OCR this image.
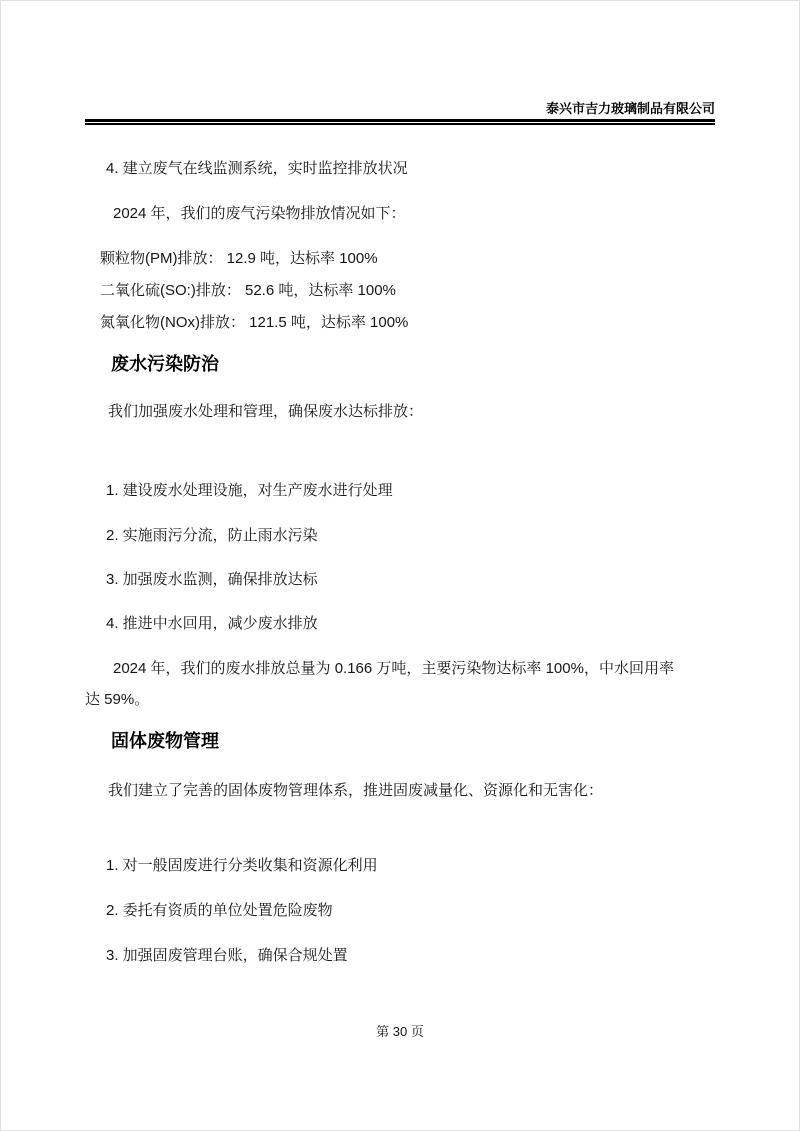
泰兴市吉力玻璃制品有限公司
4. 建立废气在线监测系统，实时监控排放状况
2024 年，我们的废气污染物排放情况如下：
颗粒物(PM)排放： 12.9 吨，达标率 100%
二氧化硫(SO:)排放： 52.6 吨，达标率 100%
氮氧化物(NOx)排放： 121.5 吨，达标率 100%
废水污染防治
我们加强废水处理和管理，确保废水达标排放：
1. 建设废水处理设施，对生产废水进行处理
2. 实施雨污分流，防止雨水污染
3. 加强废水监测，确保排放达标
4. 推进中水回用，减少废水排放
2024 年，我们的废水排放总量为 0.166 万吨，主要污染物达标率 100%，中水回用率
达 59%。
固体废物管理
我们建立了完善的固体废物管理体系，推进固废减量化、资源化和无害化：
1. 对一般固废进行分类收集和资源化利用
2. 委托有资质的单位处置危险废物
3. 加强固废管理台账，确保合规处置
第 30 页
